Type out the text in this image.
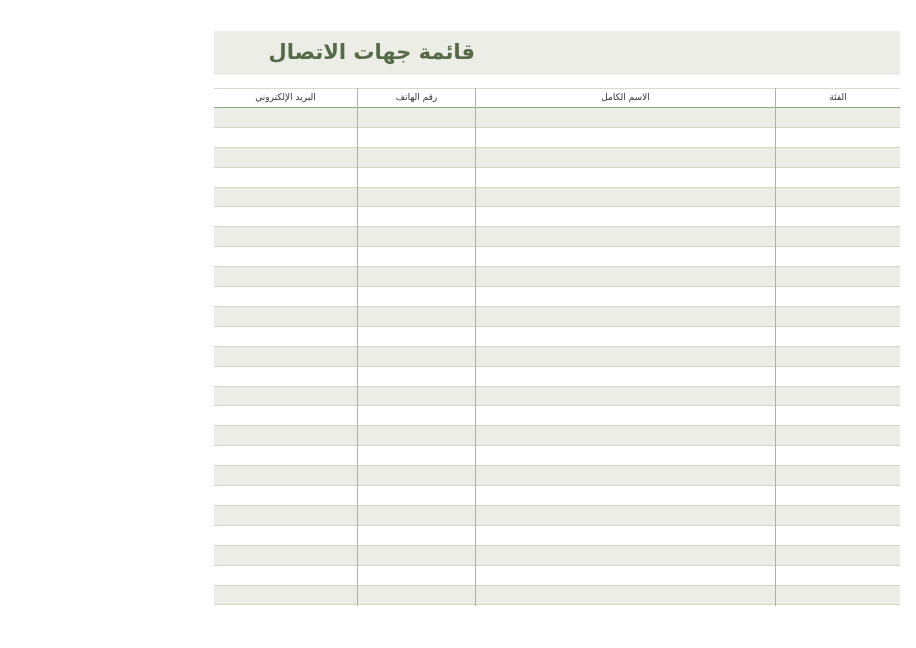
قائمة جهات الاتصال
البريد الإلكتروني	رقم الهاتف	الاسم الكامل	الفئة
